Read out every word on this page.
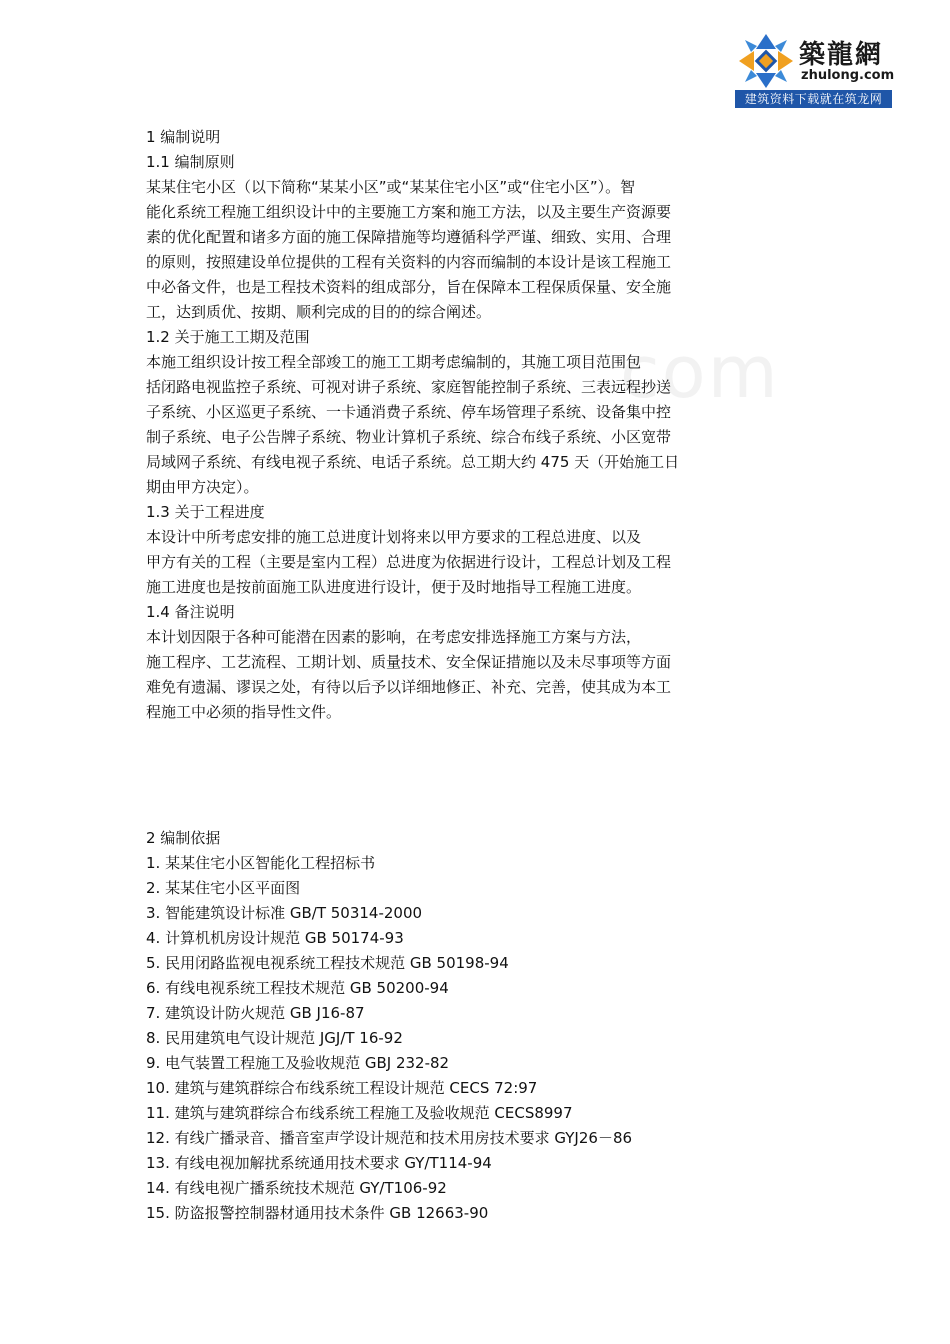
com
築龍網
zhulong.com
建筑资料下载就在筑龙网
1 编制说明
1.1 编制原则
某某住宅小区（以下简称“某某小区”或“某某住宅小区”或“住宅小区”）。智
能化系统工程施工组织设计中的主要施工方案和施工方法，以及主要生产资源要
素的优化配置和诸多方面的施工保障措施等均遵循科学严谨、细致、实用、合理
的原则，按照建设单位提供的工程有关资料的内容而编制的本设计是该工程施工
中必备文件，也是工程技术资料的组成部分，旨在保障本工程保质保量、安全施
工，达到质优、按期、顺利完成的目的的综合阐述。
1.2 关于施工工期及范围
本施工组织设计按工程全部竣工的施工工期考虑编制的，其施工项目范围包
括闭路电视监控子系统、可视对讲子系统、家庭智能控制子系统、三表远程抄送
子系统、小区巡更子系统、一卡通消费子系统、停车场管理子系统、设备集中控
制子系统、电子公告牌子系统、物业计算机子系统、综合布线子系统、小区宽带
局域网子系统、有线电视子系统、电话子系统。总工期大约 475 天（开始施工日
期由甲方决定）。
1.3 关于工程进度
本设计中所考虑安排的施工总进度计划将来以甲方要求的工程总进度、以及
甲方有关的工程（主要是室内工程）总进度为依据进行设计，工程总计划及工程
施工进度也是按前面施工队进度进行设计，便于及时地指导工程施工进度。
1.4 备注说明
本计划因限于各种可能潜在因素的影响，在考虑安排选择施工方案与方法，
施工程序、工艺流程、工期计划、质量技术、安全保证措施以及未尽事项等方面
难免有遗漏、谬误之处，有待以后予以详细地修正、补充、完善，使其成为本工
程施工中必须的指导性文件。
2 编制依据
1. 某某住宅小区智能化工程招标书
2. 某某住宅小区平面图
3. 智能建筑设计标准 GB/T 50314-2000
4. 计算机机房设计规范 GB 50174-93
5. 民用闭路监视电视系统工程技术规范 GB 50198-94
6. 有线电视系统工程技术规范 GB 50200-94
7. 建筑设计防火规范 GB J16-87
8. 民用建筑电气设计规范 JGJ/T 16-92
9. 电气装置工程施工及验收规范 GBJ 232-82
10. 建筑与建筑群综合布线系统工程设计规范 CECS 72:97
11. 建筑与建筑群综合布线系统工程施工及验收规范 CECS8997
12. 有线广播录音、播音室声学设计规范和技术用房技术要求 GYJ26－86
13. 有线电视加解扰系统通用技术要求 GY/T114-94
14. 有线电视广播系统技术规范 GY/T106-92
15. 防盗报警控制器材通用技术条件 GB 12663-90
